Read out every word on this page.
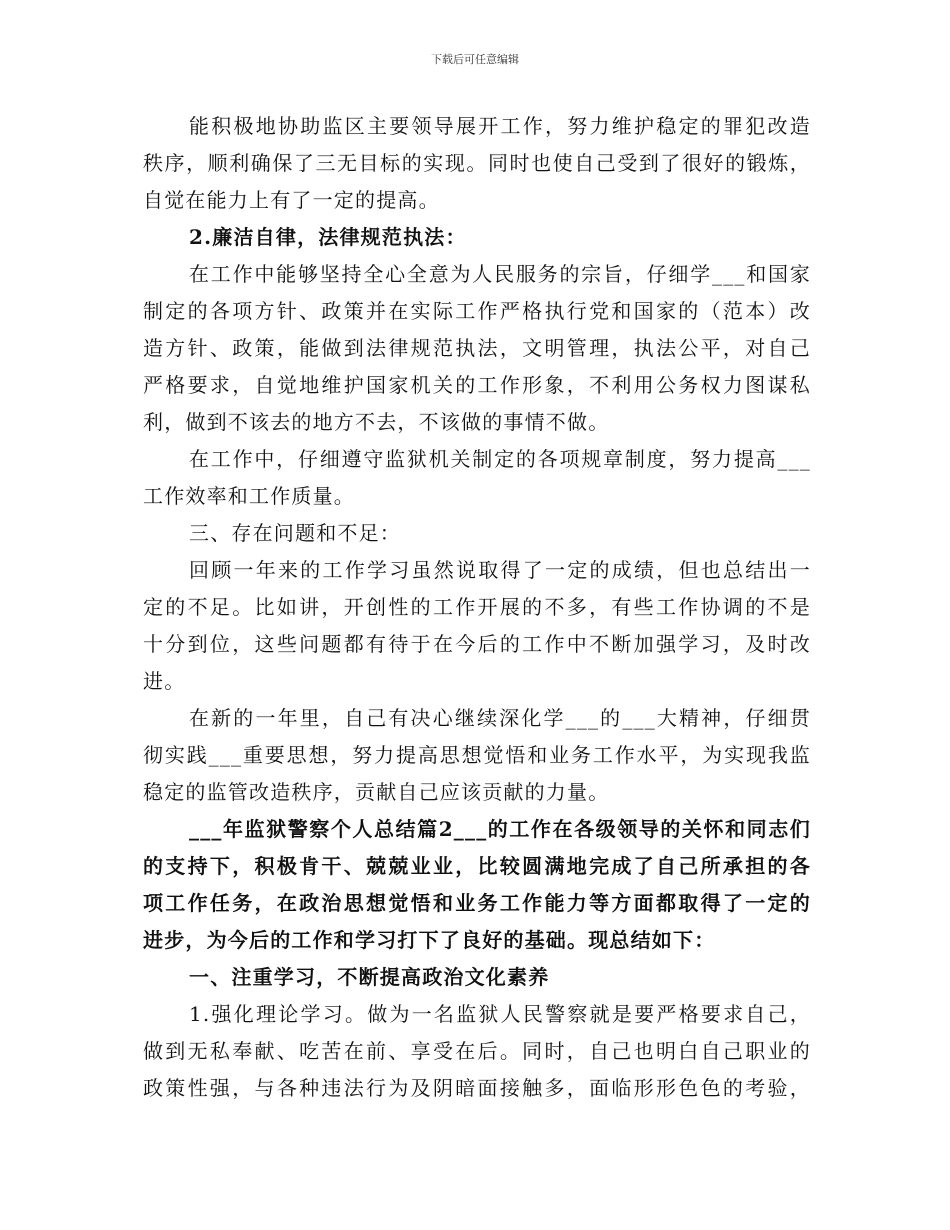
下载后可任意编辑
能积极地协助监区主要领导展开工作，努力维护稳定的罪犯改造
秩序，顺利确保了三无目标的实现。同时也使自己受到了很好的锻炼，
自觉在能力上有了一定的提高。
2.廉洁自律，法律规范执法：
在工作中能够坚持全心全意为人民服务的宗旨，仔细学___和国家
制定的各项方针、政策并在实际工作严格执行党和国家的（范本）改
造方针、政策，能做到法律规范执法，文明管理，执法公平，对自己
严格要求，自觉地维护国家机关的工作形象，不利用公务权力图谋私
利，做到不该去的地方不去，不该做的事情不做。
在工作中，仔细遵守监狱机关制定的各项规章制度，努力提高___
工作效率和工作质量。
三、存在问题和不足：
回顾一年来的工作学习虽然说取得了一定的成绩，但也总结出一
定的不足。比如讲，开创性的工作开展的不多，有些工作协调的不是
十分到位，这些问题都有待于在今后的工作中不断加强学习，及时改
进。
在新的一年里，自己有决心继续深化学___的___大精神，仔细贯
彻实践___重要思想，努力提高思想觉悟和业务工作水平，为实现我监
稳定的监管改造秩序，贡献自己应该贡献的力量。
___年监狱警察个人总结篇2___的工作在各级领导的关怀和同志们
的支持下，积极肯干、兢兢业业，比较圆满地完成了自己所承担的各
项工作任务，在政治思想觉悟和业务工作能力等方面都取得了一定的
进步，为今后的工作和学习打下了良好的基础。现总结如下：
一、注重学习，不断提高政治文化素养
1.强化理论学习。做为一名监狱人民警察就是要严格要求自己，
做到无私奉献、吃苦在前、享受在后。同时，自己也明白自己职业的
政策性强，与各种违法行为及阴暗面接触多，面临形形色色的考验，
